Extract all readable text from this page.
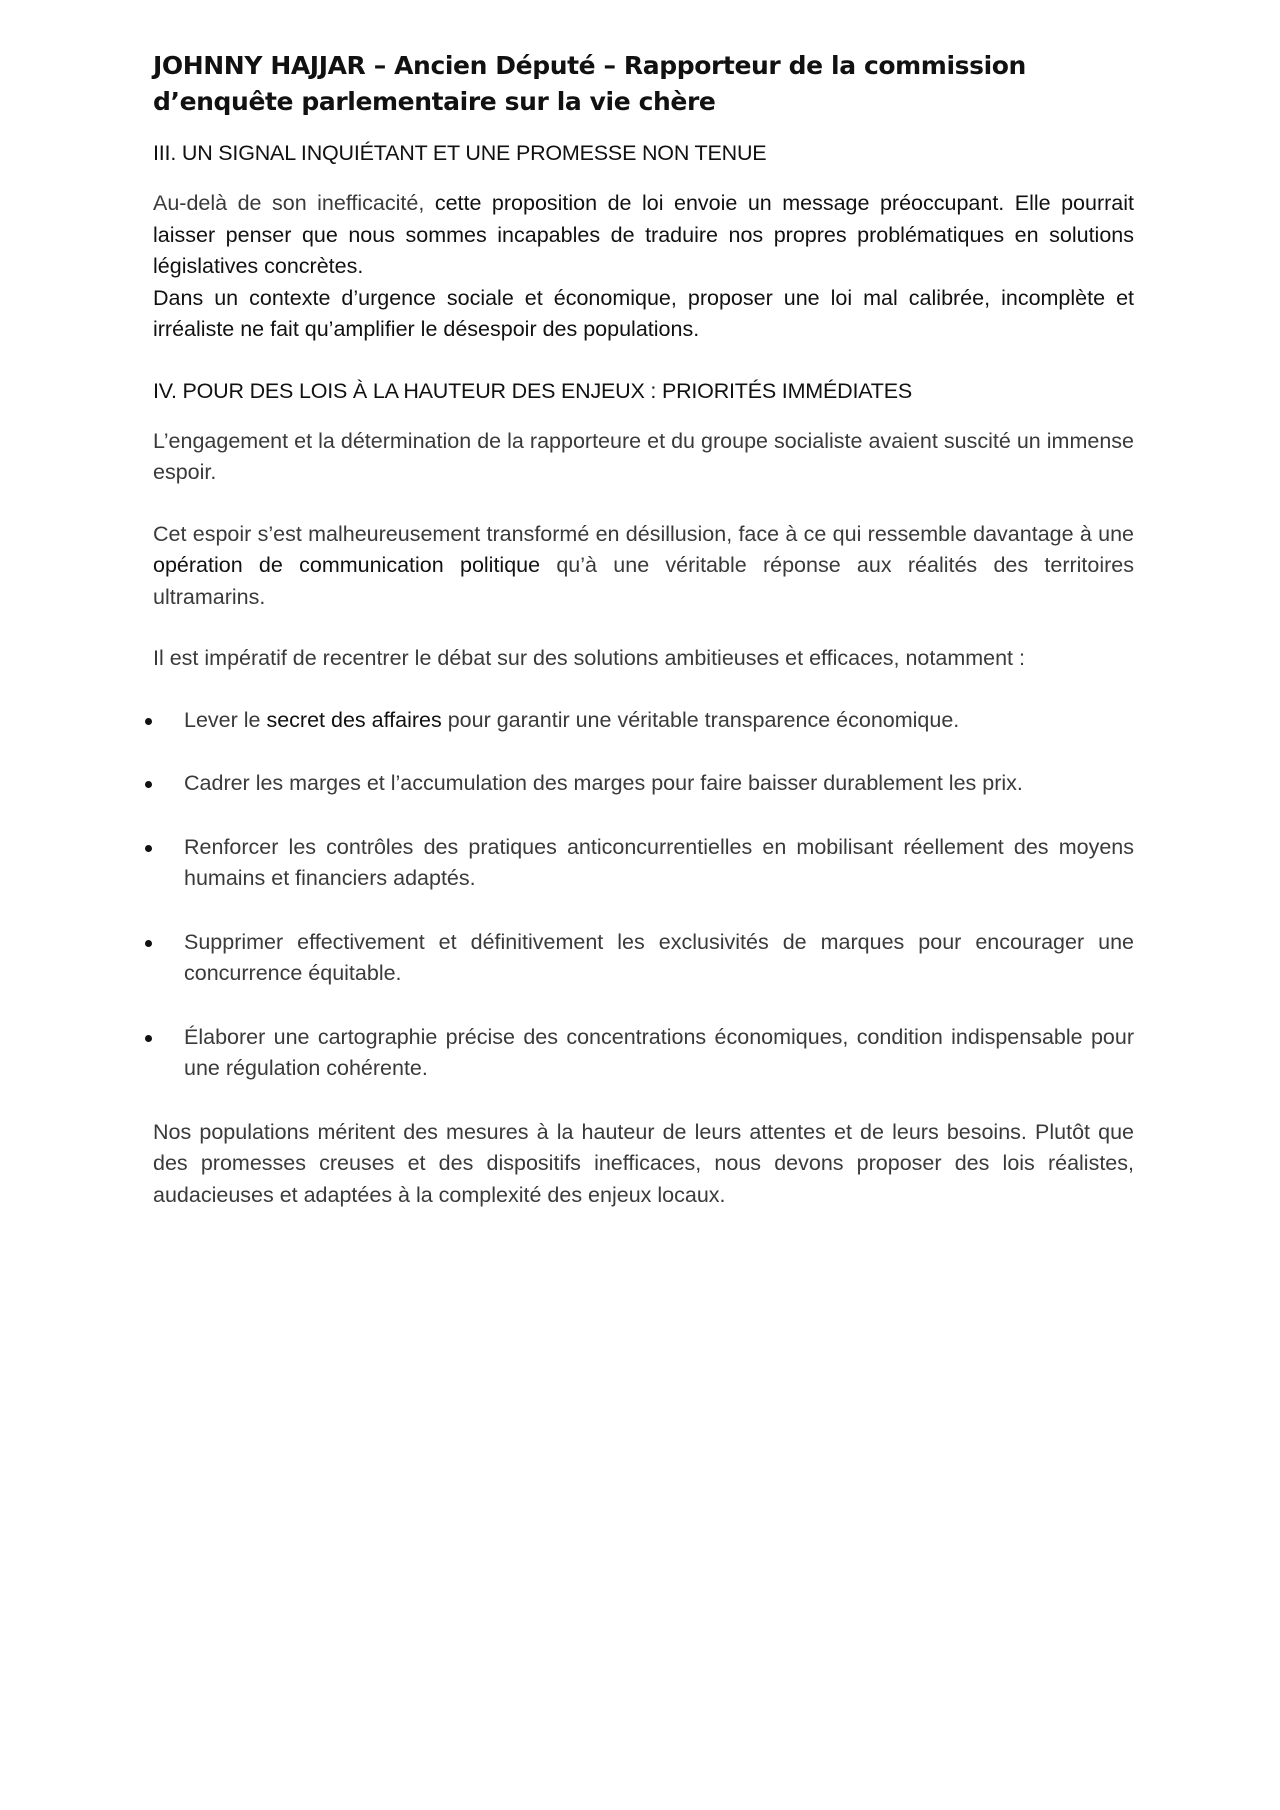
JOHNNY HAJJAR – Ancien Député – Rapporteur de la commission d’enquête parlementaire sur la vie chère
III. UN SIGNAL INQUIÉTANT ET UNE PROMESSE NON TENUE

Au-delà de son inefficacité, cette proposition de loi envoie un message préoccupant. Elle pourrait laisser penser que nous sommes incapables de traduire nos propres problématiques en solutions législatives concrètes.

Dans un contexte d’urgence sociale et économique, proposer une loi mal calibrée, incomplète et irréaliste ne fait qu’amplifier le désespoir des populations.

IV. POUR DES LOIS À LA HAUTEUR DES ENJEUX : PRIORITÉS IMMÉDIATES

L’engagement et la détermination de la rapporteure et du groupe socialiste avaient suscité un immense espoir.

Cet espoir s’est malheureusement transformé en désillusion, face à ce qui ressemble davantage à une opération de communication politique qu’à une véritable réponse aux réalités des territoires ultramarins.

Il est impératif de recentrer le débat sur des solutions ambitieuses et efficaces, notamment :

Lever le secret des affaires pour garantir une véritable transparence économique.
Cadrer les marges et l’accumulation des marges pour faire baisser durablement les prix.
Renforcer les contrôles des pratiques anticoncurrentielles en mobilisant réellement des moyens humains et financiers adaptés.
Supprimer effectivement et définitivement les exclusivités de marques pour encourager une concurrence équitable.
Élaborer une cartographie précise des concentrations économiques, condition indispensable pour une régulation cohérente.

Nos populations méritent des mesures à la hauteur de leurs attentes et de leurs besoins. Plutôt que des promesses creuses et des dispositifs inefficaces, nous devons proposer des lois réalistes, audacieuses et adaptées à la complexité des enjeux locaux.
